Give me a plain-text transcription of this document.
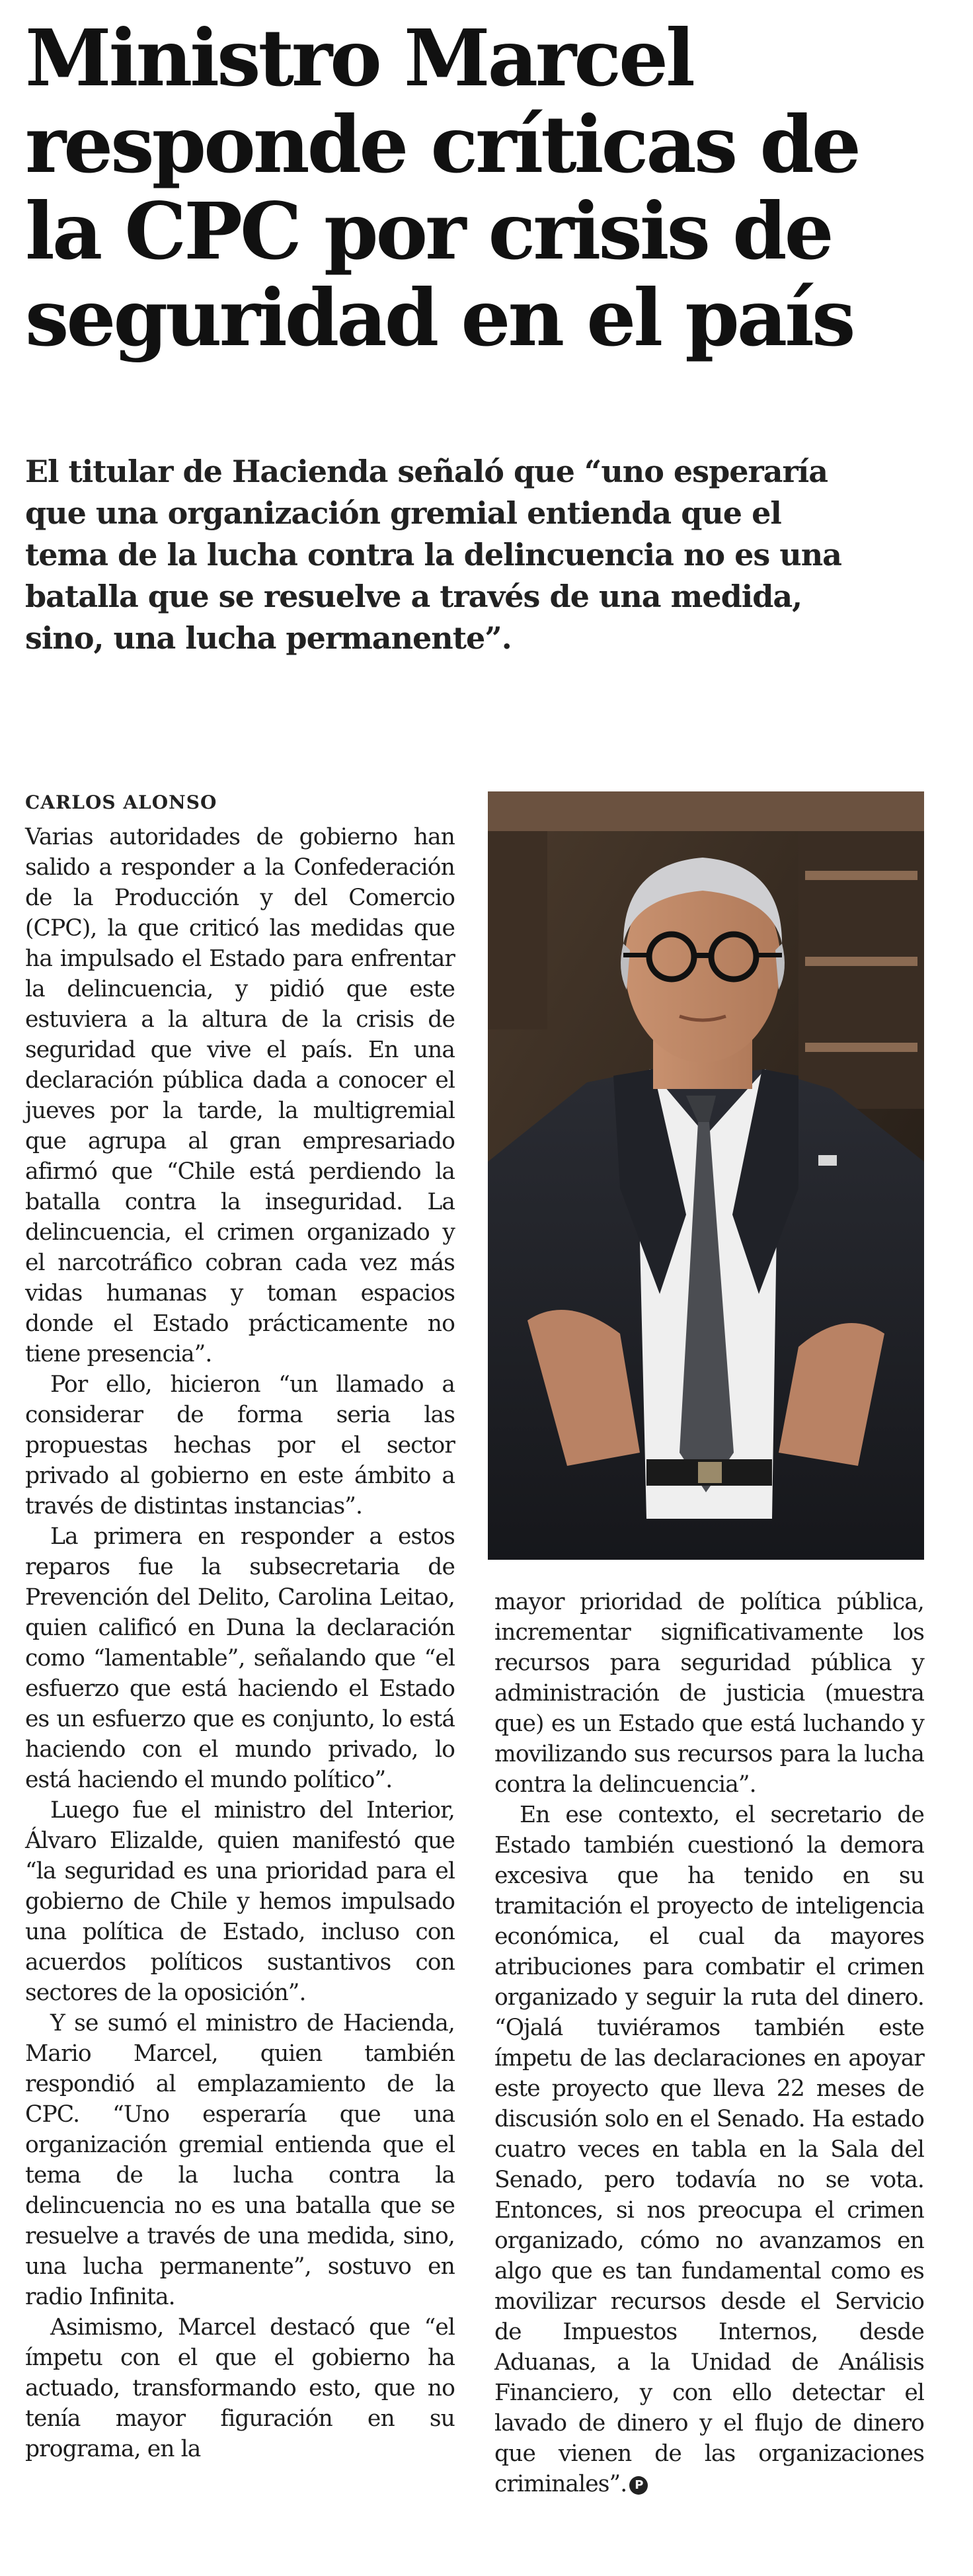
Ministro Marcel responde críticas de la CPC por crisis de seguridad en el país

El titular de Hacienda señaló que “uno esperaría que una organización gremial entienda que el tema de la lucha contra la delincuencia no es una batalla que se resuelve a través de una medida, sino, una lucha permanente”.

CARLOS ALONSO

Varias autoridades de gobierno han salido a responder a la Confederación de la Producción y del Comercio (CPC), la que criticó las medidas que ha impulsado el Estado para enfrentar la delincuencia, y pidió que este estuviera a la altura de la crisis de seguridad que vive el país. En una declaración pública dada a conocer el jueves por la tarde, la multigremial que agrupa al gran empresariado afirmó que “Chile está perdiendo la batalla contra la inseguridad. La delincuencia, el crimen organizado y el narcotráfico cobran cada vez más vidas humanas y toman espacios donde el Estado prácticamente no tiene presencia”.

Por ello, hicieron “un llamado a considerar de forma seria las propuestas hechas por el sector privado al gobierno en este ámbito a través de distintas instancias”.

La primera en responder a estos reparos fue la subsecretaria de Prevención del Delito, Carolina Leitao, quien calificó en Duna la declaración como “lamentable”, señalando que “el esfuerzo que está haciendo el Estado es un esfuerzo que es conjunto, lo está haciendo con el mundo privado, lo está haciendo el mundo político”.

Luego fue el ministro del Interior, Álvaro Elizalde, quien manifestó que “la seguridad es una prioridad para el gobierno de Chile y hemos impulsado una política de Estado, incluso con acuerdos políticos sustantivos con sectores de la oposición”.

Y se sumó el ministro de Hacienda, Mario Marcel, quien también respondió al emplazamiento de la CPC. “Uno esperaría que una organización gremial entienda que el tema de la lucha contra la delincuencia no es una batalla que se resuelve a través de una medida, sino, una lucha permanente”, sostuvo en radio Infinita.

Asimismo, Marcel destacó que “el ímpetu con el que el gobierno ha actuado, transformando esto, que no tenía mayor figuración en su programa, en la

mayor prioridad de política pública, incrementar significativamente los recursos para seguridad pública y administración de justicia (muestra que) es un Estado que está luchando y movilizando sus recursos para la lucha contra la delincuencia”.

En ese contexto, el secretario de Estado también cuestionó la demora excesiva que ha tenido en su tramitación el proyecto de inteligencia económica, el cual da mayores atribuciones para combatir el crimen organizado y seguir la ruta del dinero. “Ojalá tuviéramos también este ímpetu de las declaraciones en apoyar este proyecto que lleva 22 meses de discusión solo en el Senado. Ha estado cuatro veces en tabla en la Sala del Senado, pero todavía no se vota. Entonces, si nos preocupa el crimen organizado, cómo no avanzamos en algo que es tan fundamental como es movilizar recursos desde el Servicio de Impuestos Internos, desde Aduanas, a la Unidad de Análisis Financiero, y con ello detectar el lavado de dinero y el flujo de dinero que vienen de las organizaciones criminales”. P
